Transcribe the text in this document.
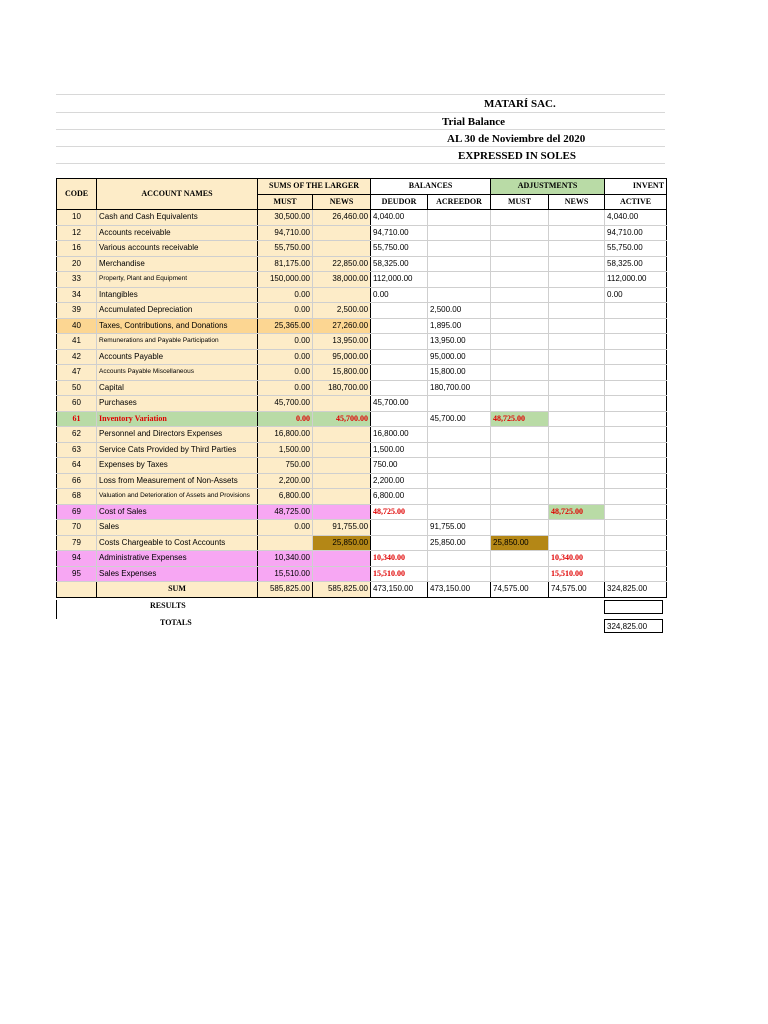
MATARÍ SAC.
Trial Balance
AL 30 de Noviembre del 2020
EXPRESSED IN SOLES
CODE	ACCOUNT NAMES	SUMS OF THE LARGER		BALANCES		ADJUSTMENTS		INVENT
		MUST	NEWS	DEUDOR	ACREEDOR	MUST	NEWS	ACTIVE
10	Cash and Cash Equivalents	30,500.00	26,460.00	4,040.00				4,040.00
12	Accounts receivable	94,710.00		94,710.00				94,710.00
16	Various accounts receivable	55,750.00		55,750.00				55,750.00
20	Merchandise	81,175.00	22,850.00	58,325.00				58,325.00
33	Property, Plant and Equipment	150,000.00	38,000.00	112,000.00				112,000.00
34	Intangibles	0.00		0.00				0.00
39	Accumulated Depreciation	0.00	2,500.00		2,500.00			
40	Taxes, Contributions, and Donations	25,365.00	27,260.00		1,895.00			
41	Remunerations and Payable Participation	0.00	13,950.00		13,950.00			
42	Accounts Payable	0.00	95,000.00		95,000.00			
47	Accounts Payable Miscellaneous	0.00	15,800.00		15,800.00			
50	Capital	0.00	180,700.00		180,700.00			
60	Purchases	45,700.00		45,700.00				
61	Inventory Variation	0.00	45,700.00		45,700.00	48,725.00		
62	Personnel and Directors Expenses	16,800.00		16,800.00				
63	Service Cats Provided by Third Parties	1,500.00		1,500.00				
64	Expenses by Taxes	750.00		750.00				
66	Loss from Measurement of Non-Assets	2,200.00		2,200.00				
68	Valuation and Deterioration of Assets and Provisions	6,800.00		6,800.00				
69	Cost of Sales	48,725.00		48,725.00			48,725.00	
70	Sales	0.00	91,755.00		91,755.00			
79	Costs Chargeable to Cost Accounts		25,850.00		25,850.00	25,850.00		
94	Administrative Expenses	10,340.00		10,340.00			10,340.00	
95	Sales Expenses	15,510.00		15,510.00			15,510.00	
	SUM	585,825.00	585,825.00	473,150.00	473,150.00	74,575.00	74,575.00	324,825.00
RESULTS
TOTALS	324,825.00
